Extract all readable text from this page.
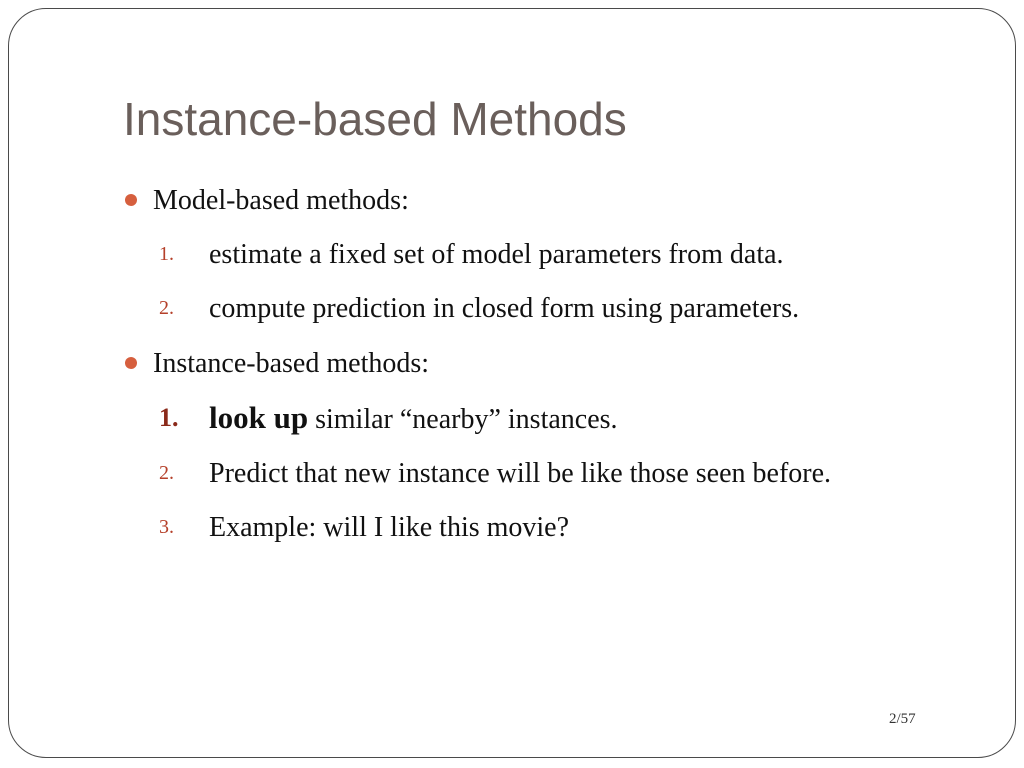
Instance-based Methods
Model-based methods:
1. estimate a fixed set of model parameters from data.
2. compute prediction in closed form using parameters.
Instance-based methods:
1. look up similar “nearby” instances.
2. Predict that new instance will be like those seen before.
3. Example: will I like this movie?
2/57
